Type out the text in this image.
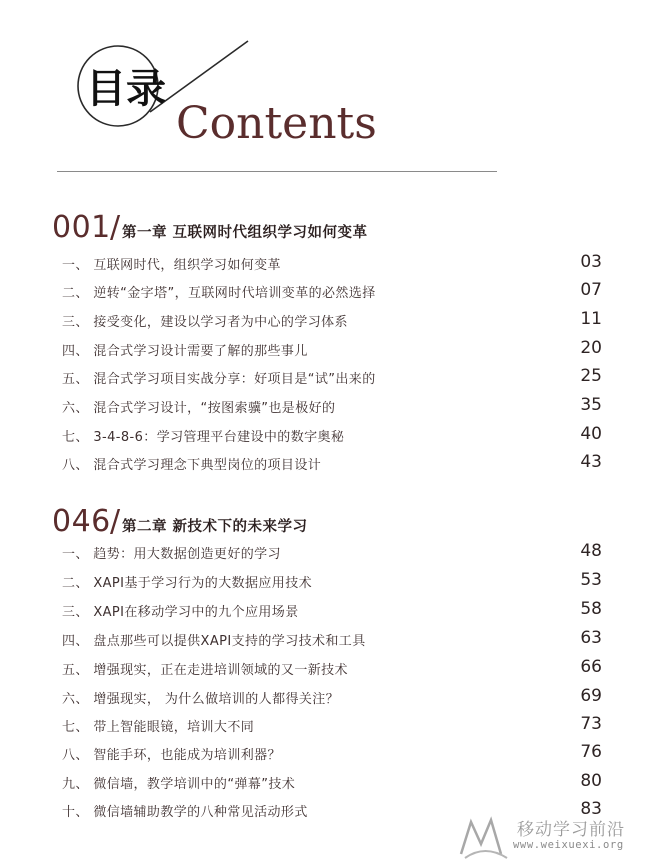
目录
Contents
001 / 第一章 互联网时代组织学习如何变革
一、 互联网时代，组织学习如何变革	03
二、 逆转“金字塔”，互联网时代培训变革的必然选择	07
三、 接受变化，建设以学习者为中心的学习体系	11
四、 混合式学习设计需要了解的那些事儿	20
五、 混合式学习项目实战分享：好项目是“试”出来的	25
六、 混合式学习设计，“按图索骥”也是极好的	35
七、 3-4-8-6：学习管理平台建设中的数字奥秘	40
八、 混合式学习理念下典型岗位的项目设计	43
046 / 第二章 新技术下的未来学习
一、 趋势：用大数据创造更好的学习	48
二、 XAPI基于学习行为的大数据应用技术	53
三、 XAPI在移动学习中的九个应用场景	58
四、 盘点那些可以提供XAPI支持的学习技术和工具	63
五、 增强现实，正在走进培训领域的又一新技术	66
六、 增强现实， 为什么做培训的人都得关注？	69
七、 带上智能眼镜，培训大不同	73
八、 智能手环，也能成为培训利器？	76
九、 微信墙，教学培训中的“弹幕”技术	80
十、 微信墙辅助教学的八种常见活动形式	83
移动学习前沿
www.weixuexi.org
